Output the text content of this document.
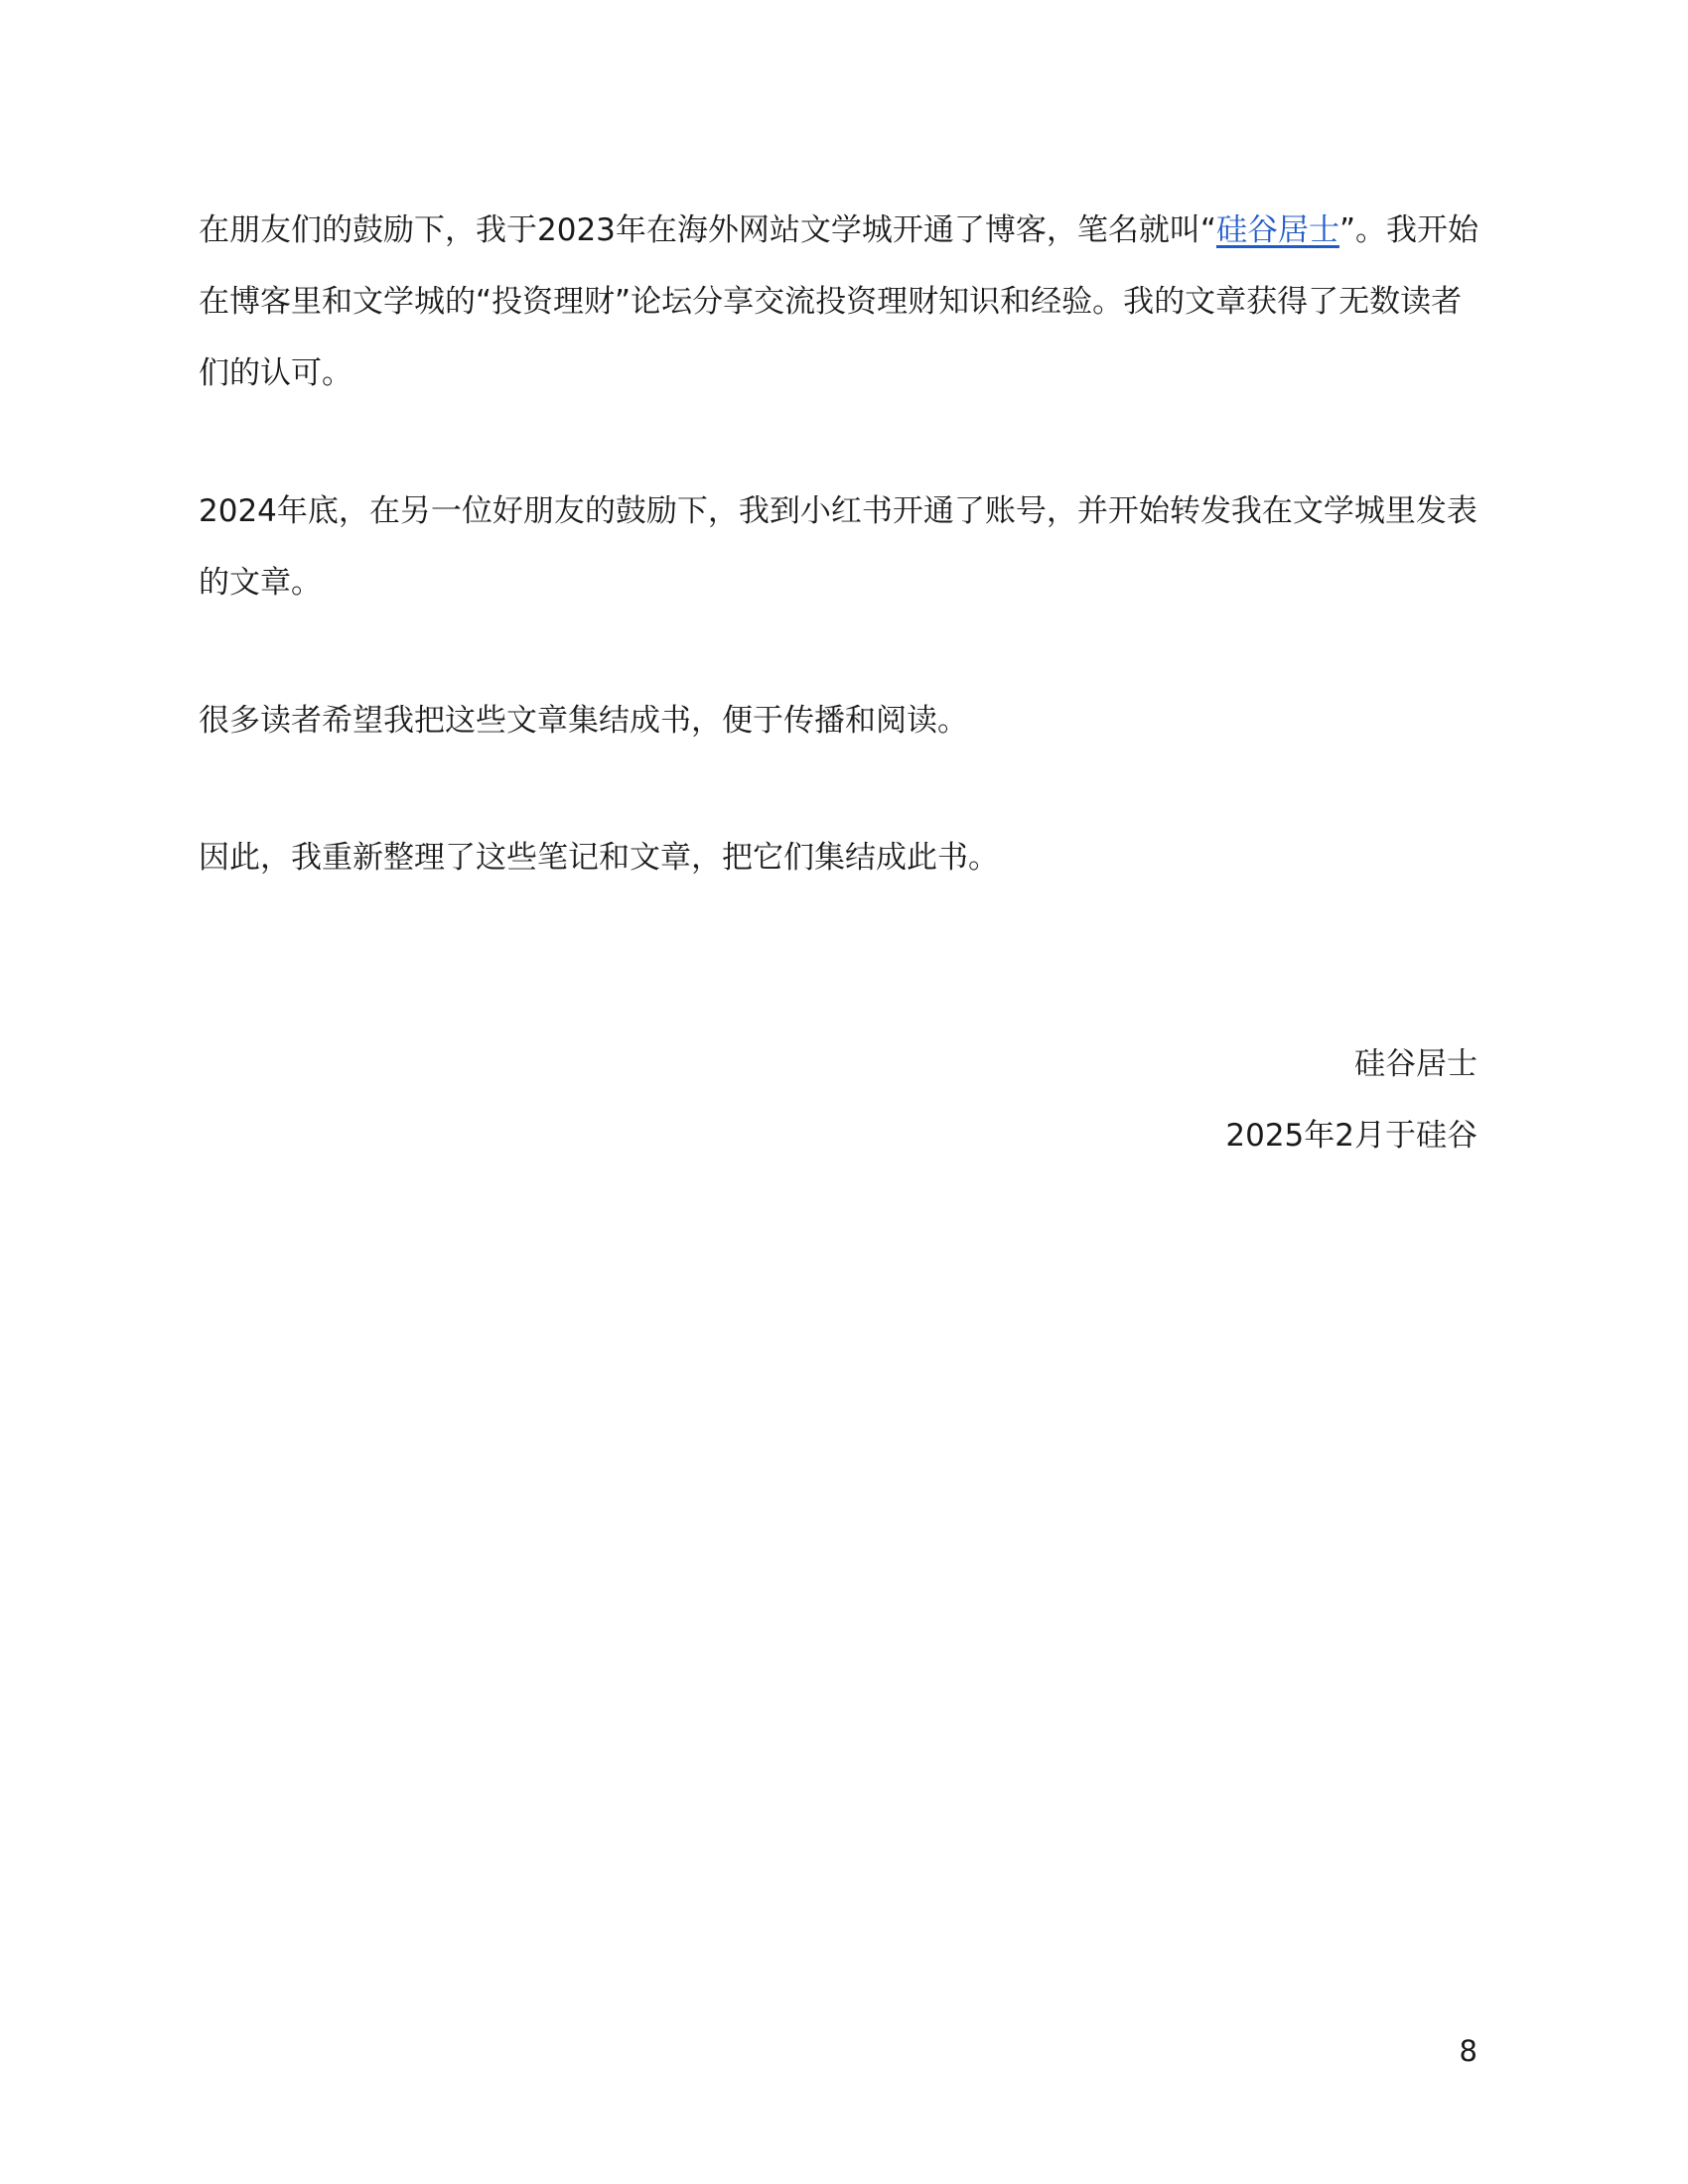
在朋友们的鼓励下，我于2023年在海外网站文学城开通了博客，笔名就叫“硅谷居士”。我开始在博客里和文学城的“投资理财”论坛分享交流投资理财知识和经验。我的文章获得了无数读者们的认可。

2024年底，在另一位好朋友的鼓励下，我到小红书开通了账号，并开始转发我在文学城里发表的文章。

很多读者希望我把这些文章集结成书，便于传播和阅读。

因此，我重新整理了这些笔记和文章，把它们集结成此书。

硅谷居士
2025年2月于硅谷
8
